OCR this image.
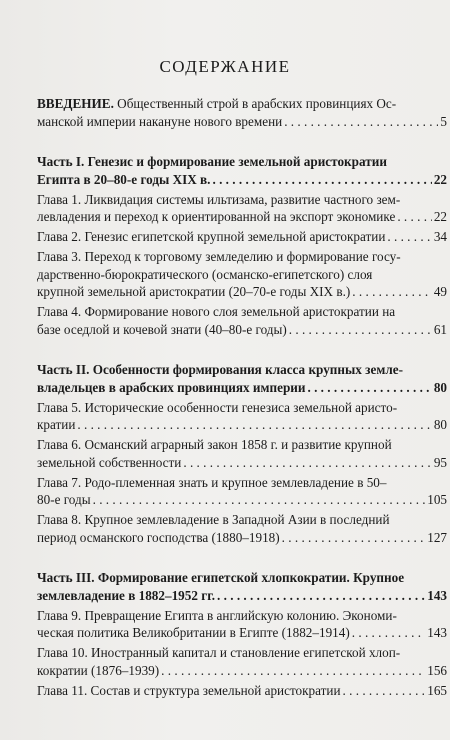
СОДЕРЖАНИЕ
ВВЕДЕНИЕ. Общественный строй в арабских провинциях Ос-
манской империи накануне нового времени . . .	5
Часть I. Генезис и формирование земельной аристократии
Египта в 20–80-е годы XIX в. . . .	22
Глава 1. Ликвидация системы ильтизама, развитие частного зем-
левладения и переход к ориентированной на экспорт экономике . . .	22
Глава 2. Генезис египетской крупной земельной аристократии . . .	34
Глава 3. Переход к торговому земледелию и формирование госу-
дарственно-бюрократического (османско-египетского) слоя
крупной земельной аристократии (20–70-е годы XIX в.) . . .	49
Глава 4. Формирование нового слоя земельной аристократии на
базе оседлой и кочевой знати (40–80-е годы) . . .	61
Часть II. Особенности формирования класса крупных земле-
владельцев в арабских провинциях империи . . .	80
Глава 5. Исторические особенности генезиса земельной аристо-
кратии . . .	80
Глава 6. Османский аграрный закон 1858 г. и развитие крупной
земельной собственности . . .	95
Глава 7. Родо-племенная знать и крупное землевладение в 50–
80-е годы . . .	105
Глава 8. Крупное землевладение в Западной Азии в последний
период османского господства (1880–1918) . . .	127
Часть III. Формирование египетской хлопкократии. Крупное
землевладение в 1882–1952 гг. . . .	143
Глава 9. Превращение Египта в английскую колонию. Экономи-
ческая политика Великобритании в Египте (1882–1914) . . .	143
Глава 10. Иностранный капитал и становление египетской хлоп-
кократии (1876–1939) . . .	156
Глава 11. Состав и структура земельной аристократии . . .	165
